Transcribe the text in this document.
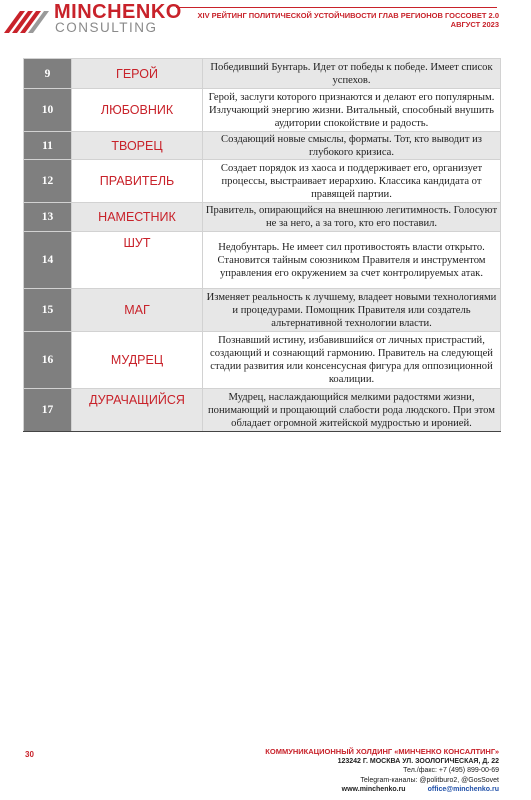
MINCHENKO
CONSULTING
XIV РЕЙТИНГ ПОЛИТИЧЕСКОЙ УСТОЙЧИВОСТИ ГЛАВ РЕГИОНОВ ГОССОВЕТ 2.0
АВГУСТ 2023
9	ГЕРОЙ	Победивший Бунтарь. Идет от победы к победе. Имеет список успехов.
10	ЛЮБОВНИК	Герой, заслуги которого признаются и делают его популярным. Излучающий энергию жизни. Витальный, способный внушить аудитории спокойствие и радость.
11	ТВОРЕЦ	Создающий новые смыслы, форматы. Тот, кто выводит из глубокого кризиса.
12	ПРАВИТЕЛЬ	Создает порядок из хаоса и поддерживает его, организует процессы, выстраивает иерархию. Классика кандидата от правящей партии.
13	НАМЕСТНИК	Правитель, опирающийся на внешнюю легитимность. Голосуют не за него, а за того, кто его поставил.
14	ШУТ	Недобунтарь. Не имеет сил противостоять власти открыто. Становится тайным союзником Правителя и инструментом управления его окружением за счет контролируемых атак.
15	МАГ	Изменяет реальность к лучшему, владеет новыми технологиями и процедурами. Помощник Правителя или создатель альтернативной технологии власти.
16	МУДРЕЦ	Познавший истину, избавившийся от личных пристрастий, создающий и сознающий гармонию. Правитель на следующей стадии развития или консенсусная фигура для оппозиционной коалиции.
17	ДУРАЧАЩИЙСЯ	Мудрец, наслаждающийся мелкими радостями жизни, понимающий и прощающий слабости рода людского. При этом обладает огромной житейской мудростью и иронией.
30	КОММУНИКАЦИОННЫЙ ХОЛДИНГ «МИНЧЕНКО КОНСАЛТИНГ»
123242 Г. МОСКВА УЛ. ЗООЛОГИЧЕСКАЯ, Д. 22
Тел./факс: +7 (495) 899-00-69
Telegram-каналы: @politburo2, @GosSovet
www.minchenko.ru	office@minchenko.ru
